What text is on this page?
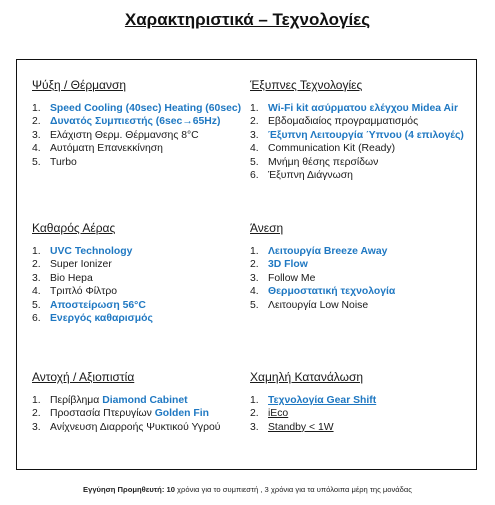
Χαρακτηριστικά – Τεχνολογίες
Ψύξη / Θέρμανση
1. Speed Cooling (40sec) Heating (60sec)
2. Δυνατός Συμπιεστής (6sec→65Hz)
3. Ελάχιστη Θερμ. Θέρμανσης 8°C
4. Αυτόματη Επανεκκίνηση
5. Turbo
Έξυπνες Τεχνολογίες
1. Wi-Fi kit ασύρματου ελέγχου Midea Air
2. Εβδομαδιαίος προγραμματισμός
3. Έξυπνη Λειτουργία Ύπνου (4 επιλογές)
4. Communication Kit (Ready)
5. Μνήμη θέσης περσίδων
6. Έξυπνη Διάγνωση
Καθαρός Αέρας
1. UVC Technology
2. Super Ionizer
3. Bio Hepa
4. Τριπλό Φίλτρο
5. Αποστείρωση 56°C
6. Ενεργός καθαρισμός
Άνεση
1. Λειτουργία Breeze Away
2. 3D Flow
3. Follow Me
4. Θερμοστατική τεχνολογία
5. Λειτουργία Low Noise
Αντοχή / Αξιοπιστία
1. Περίβλημα Diamond Cabinet
2. Προστασία Πτερυγίων Golden Fin
3. Ανίχνευση Διαρροής Ψυκτικού Υγρού
Χαμηλή Κατανάλωση
1. Τεχνολογία Gear Shift
2. iEco
3. Standby < 1W
Εγγύηση Προμηθευτή: 10 χρόνια για το συμπιεστή , 3 χρόνια για τα υπόλοιπα μέρη της μονάδας
